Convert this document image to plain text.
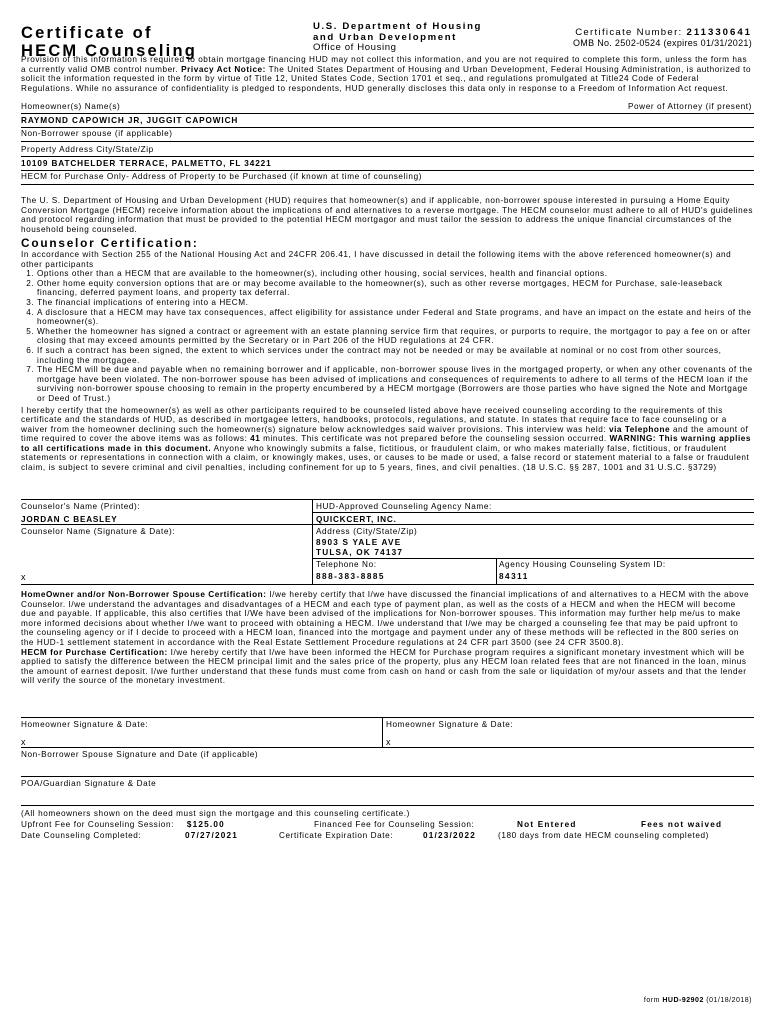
Certificate of
HECM Counseling
U.S. Department of Housing
and Urban Development
Office of Housing
Certificate Number: 211330641
OMB No. 2502-0524 (expires 01/31/2021)
Provision of this information is required to obtain mortgage financing HUD may not collect this information, and you are not required to complete this form, unless the form has a currently valid OMB control number. Privacy Act Notice: The United States Department of Housing and Urban Development, Federal Housing Administration, is authorized to solicit the information requested in the form by virtue of Title 12, United States Code, Section 1701 et seq., and regulations promulgated at Title24 Code of Federal Regulations. While no assurance of confidentiality is pledged to respondents, HUD generally discloses this data only in response to a Freedom of Information Act request.
Homeowner(s) Name(s)	Power of Attorney (if present)
RAYMOND CAPOWICH JR, JUGGIT CAPOWICH
Non-Borrower spouse (if applicable)
Property Address City/State/Zip
10109 BATCHELDER TERRACE, PALMETTO, FL 34221
HECM for Purchase Only- Address of Property to be Purchased (if known at time of counseling)
The U. S. Department of Housing and Urban Development (HUD) requires that homeowner(s) and if applicable, non-borrower spouse interested in pursuing a Home Equity Conversion Mortgage (HECM) receive information about the implications of and alternatives to a reverse mortgage. The HECM counselor must adhere to all of HUD's guidelines and protocol regarding information that must be provided to the potential HECM mortgagor and must tailor the session to address the unique financial circumstances of the household being counseled.
Counselor Certification:
In accordance with Section 255 of the National Housing Act and 24CFR 206.41, I have discussed in detail the following items with the above referenced homeowner(s) and other participants
1. Options other than a HECM that are available to the homeowner(s), including other housing, social services, health and financial options.
2. Other home equity conversion options that are or may become available to the homeowner(s), such as other reverse mortgages, HECM for Purchase, sale-leaseback financing, deferred payment loans, and property tax deferral.
3. The financial implications of entering into a HECM.
4. A disclosure that a HECM may have tax consequences, affect eligibility for assistance under Federal and State programs, and have an impact on the estate and heirs of the homeowner(s).
5. Whether the homeowner has signed a contract or agreement with an estate planning service firm that requires, or purports to require, the mortgagor to pay a fee on or after closing that may exceed amounts permitted by the Secretary or in Part 206 of the HUD regulations at 24 CFR.
6. If such a contract has been signed, the extent to which services under the contract may not be needed or may be available at nominal or no cost from other sources, including the mortgagee.
7. The HECM will be due and payable when no remaining borrower and if applicable, non-borrower spouse lives in the mortgaged property, or when any other covenants of the mortgage have been violated. The non-borrower spouse has been advised of implications and consequences of requirements to adhere to all terms of the HECM loan if the surviving non-borrower spouse choosing to remain in the property encumbered by a HECM mortgage (Borrowers are those parties who have signed the Note and Mortgage or Deed of Trust.)
I hereby certify that the homeowner(s) as well as other participants required to be counseled listed above have received counseling according to the requirements of this certificate and the standards of HUD, as described in mortgagee letters, handbooks, protocols, regulations, and statute. In states that require face to face counseling or a waiver from the homeowner declining such the homeowner(s) signature below acknowledges said waiver provisions. This interview was held: via Telephone and the amount of time required to cover the above items was as follows: 41 minutes. This certificate was not prepared before the counseling session occurred. WARNING: This warning applies to all certifications made in this document. Anyone who knowingly submits a false, fictitious, or fraudulent claim, or who makes materially false, fictitious, or fraudulent statements or representations in connection with a claim, or knowingly makes, uses, or causes to be made or used, a false record or statement material to a false or fraudulent claim, is subject to severe criminal and civil penalties, including confinement for up to 5 years, fines, and civil penalties. (18 U.S.C. §§ 287, 1001 and 31 U.S.C. §3729)
Counselor's Name (Printed):
JORDAN C BEASLEY
Counselor Name (Signature & Date):
x
HUD-Approved Counseling Agency Name:
QUICKCERT, INC.
Address (City/State/Zip)
8903 S YALE AVE
TULSA, OK 74137
Telephone No:
888-383-8885
Agency Housing Counseling System ID:
84311
HomeOwner and/or Non-Borrower Spouse Certification: I/we hereby certify that I/we have discussed the financial implications of and alternatives to a HECM with the above Counselor. I/we understand the advantages and disadvantages of a HECM and each type of payment plan, as well as the costs of a HECM and when the HECM will become due and payable. If applicable, this also certifies that I/We have been advised of the implications for Non-borrower spouses. This information may further help me/us to make more informed decisions about whether I/we want to proceed with obtaining a HECM. I/we understand that I/we may be charged a counseling fee that may be paid upfront to the counseling agency or if I decide to proceed with a HECM loan, financed into the mortgage and payment under any of these methods will be reflected in the 800 series on the HUD-1 settlement statement in accordance with the Real Estate Settlement Procedure regulations at 24 CFR part 3500 (see 24 CFR 3500.8).
HECM for Purchase Certification: I/we hereby certify that I/we have been informed the HECM for Purchase program requires a significant monetary investment which will be applied to satisfy the difference between the HECM principal limit and the sales price of the property, plus any HECM loan related fees that are not financed in the loan, minus the amount of earnest deposit. I/we further understand that these funds must come from cash on hand or cash from the sale or liquidation of my/our assets and that the lender will verify the source of the monetary investment.
Homeowner Signature & Date:	Homeowner Signature & Date:
x	x
Non-Borrower Spouse Signature and Date (if applicable)
POA/Guardian Signature & Date
(All homeowners shown on the deed must sign the mortgage and this counseling certificate.)
Upfront Fee for Counseling Session: $125.00	Financed Fee for Counseling Session:	Not Entered	Fees not waived
Date Counseling Completed:	07/27/2021	Certificate Expiration Date:	01/23/2022	(180 days from date HECM counseling completed)
form HUD-92902 (01/18/2018)
